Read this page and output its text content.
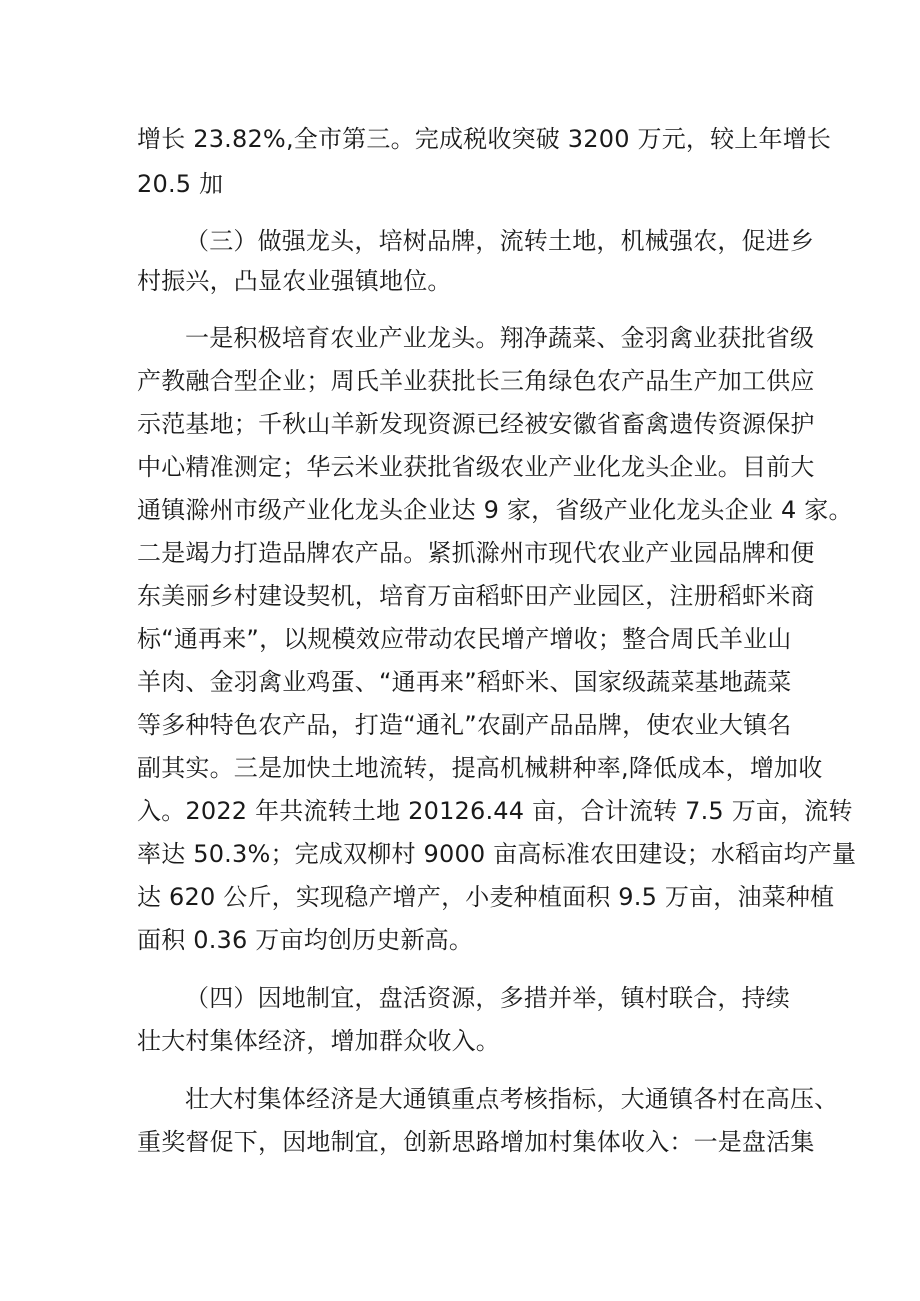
增长 23.82%,全市第三。完成税收突破 3200 万元，较上年增长
20.5 加
（三）做强龙头，培树品牌，流转土地，机械强农，促进乡
村振兴，凸显农业强镇地位。
一是积极培育农业产业龙头。翔净蔬菜、金羽禽业获批省级
产教融合型企业；周氏羊业获批长三角绿色农产品生产加工供应
示范基地；千秋山羊新发现资源已经被安徽省畜禽遗传资源保护
中心精准测定；华云米业获批省级农业产业化龙头企业。目前大
通镇滁州市级产业化龙头企业达 9 家，省级产业化龙头企业 4 家。
二是竭力打造品牌农产品。紧抓滁州市现代农业产业园品牌和便
东美丽乡村建设契机，培育万亩稻虾田产业园区，注册稻虾米商
标“通再来”，以规模效应带动农民增产增收；整合周氏羊业山
羊肉、金羽禽业鸡蛋、“通再来”稻虾米、国家级蔬菜基地蔬菜
等多种特色农产品，打造“通礼”农副产品品牌，使农业大镇名
副其实。三是加快土地流转，提高机械耕种率,降低成本，增加收
入。2022 年共流转土地 20126.44 亩，合计流转 7.5 万亩，流转
率达 50.3%；完成双柳村 9000 亩高标准农田建设；水稻亩均产量
达 620 公斤，实现稳产增产，小麦种植面积 9.5 万亩，油菜种植
面积 0.36 万亩均创历史新高。
（四）因地制宜，盘活资源，多措并举，镇村联合，持续
壮大村集体经济，增加群众收入。
壮大村集体经济是大通镇重点考核指标，大通镇各村在高压、
重奖督促下，因地制宜，创新思路增加村集体收入：一是盘活集
